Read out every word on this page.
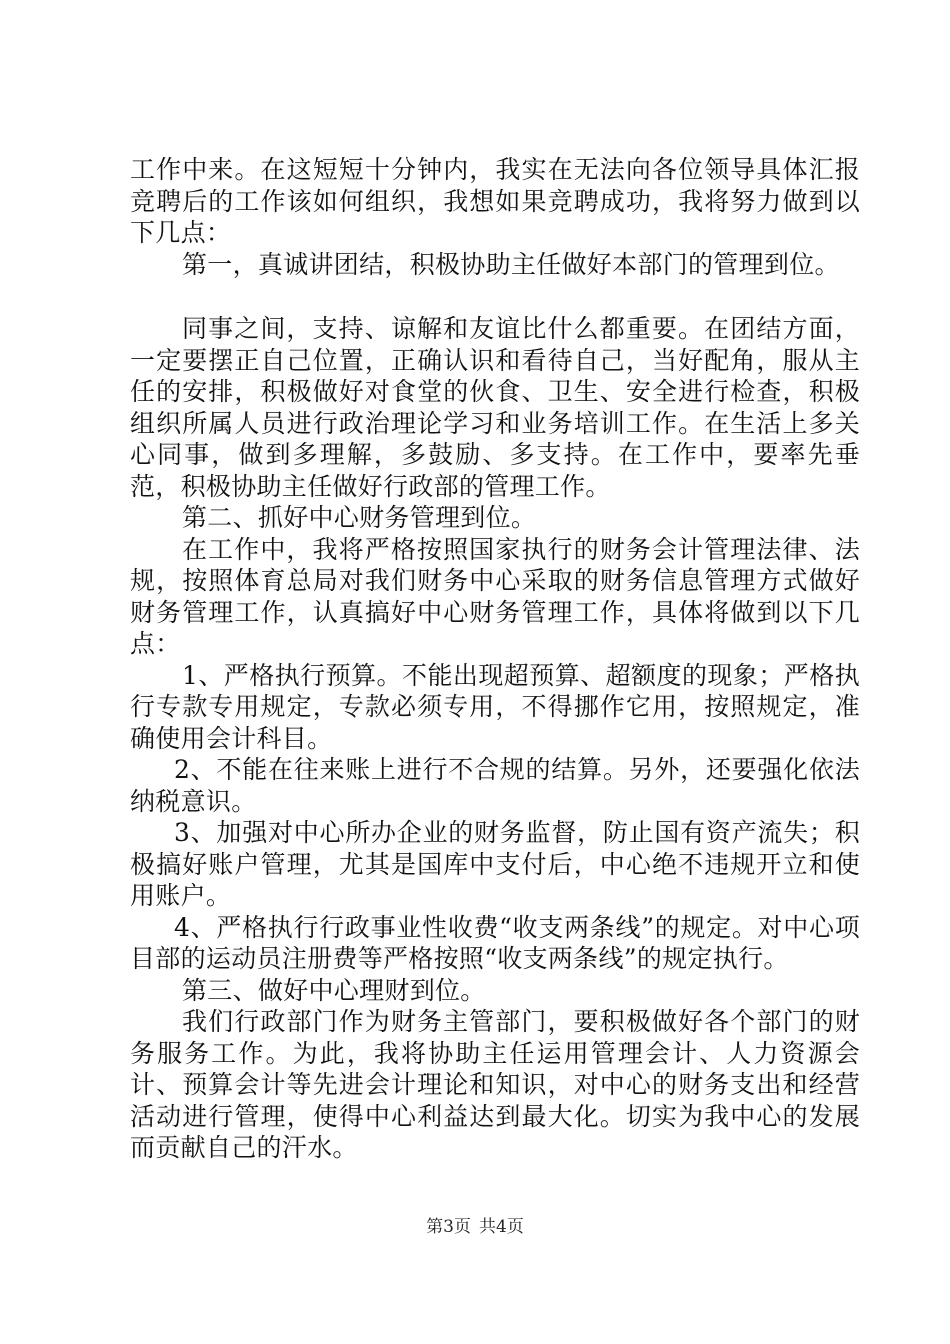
工作中来。在这短短十分钟内，我实在无法向各位领导具体汇报竞聘后的工作该如何组织，我想如果竞聘成功，我将努力做到以下几点：

第一，真诚讲团结，积极协助主任做好本部门的管理到位。

同事之间，支持、谅解和友谊比什么都重要。在团结方面，一定要摆正自己位置，正确认识和看待自己，当好配角，服从主任的安排，积极做好对食堂的伙食、卫生、安全进行检查，积极组织所属人员进行政治理论学习和业务培训工作。在生活上多关心同事，做到多理解，多鼓励、多支持。在工作中，要率先垂范，积极协助主任做好行政部的管理工作。

第二、抓好中心财务管理到位。

在工作中，我将严格按照国家执行的财务会计管理法律、法规，按照体育总局对我们财务中心采取的财务信息管理方式做好财务管理工作，认真搞好中心财务管理工作，具体将做到以下几点：

1、严格执行预算。不能出现超预算、超额度的现象；严格执行专款专用规定，专款必须专用，不得挪作它用，按照规定，准确使用会计科目。

2、不能在往来账上进行不合规的结算。另外，还要强化依法纳税意识。

3、加强对中心所办企业的财务监督，防止国有资产流失；积极搞好账户管理，尤其是国库中支付后，中心绝不违规开立和使用账户。

4、严格执行行政事业性收费“收支两条线”的规定。对中心项目部的运动员注册费等严格按照“收支两条线”的规定执行。

第三、做好中心理财到位。

我们行政部门作为财务主管部门，要积极做好各个部门的财务服务工作。为此，我将协助主任运用管理会计、人力资源会计、预算会计等先进会计理论和知识，对中心的财务支出和经营活动进行管理，使得中心利益达到最大化。切实为我中心的发展而贡献自己的汗水。

第3页 共4页
